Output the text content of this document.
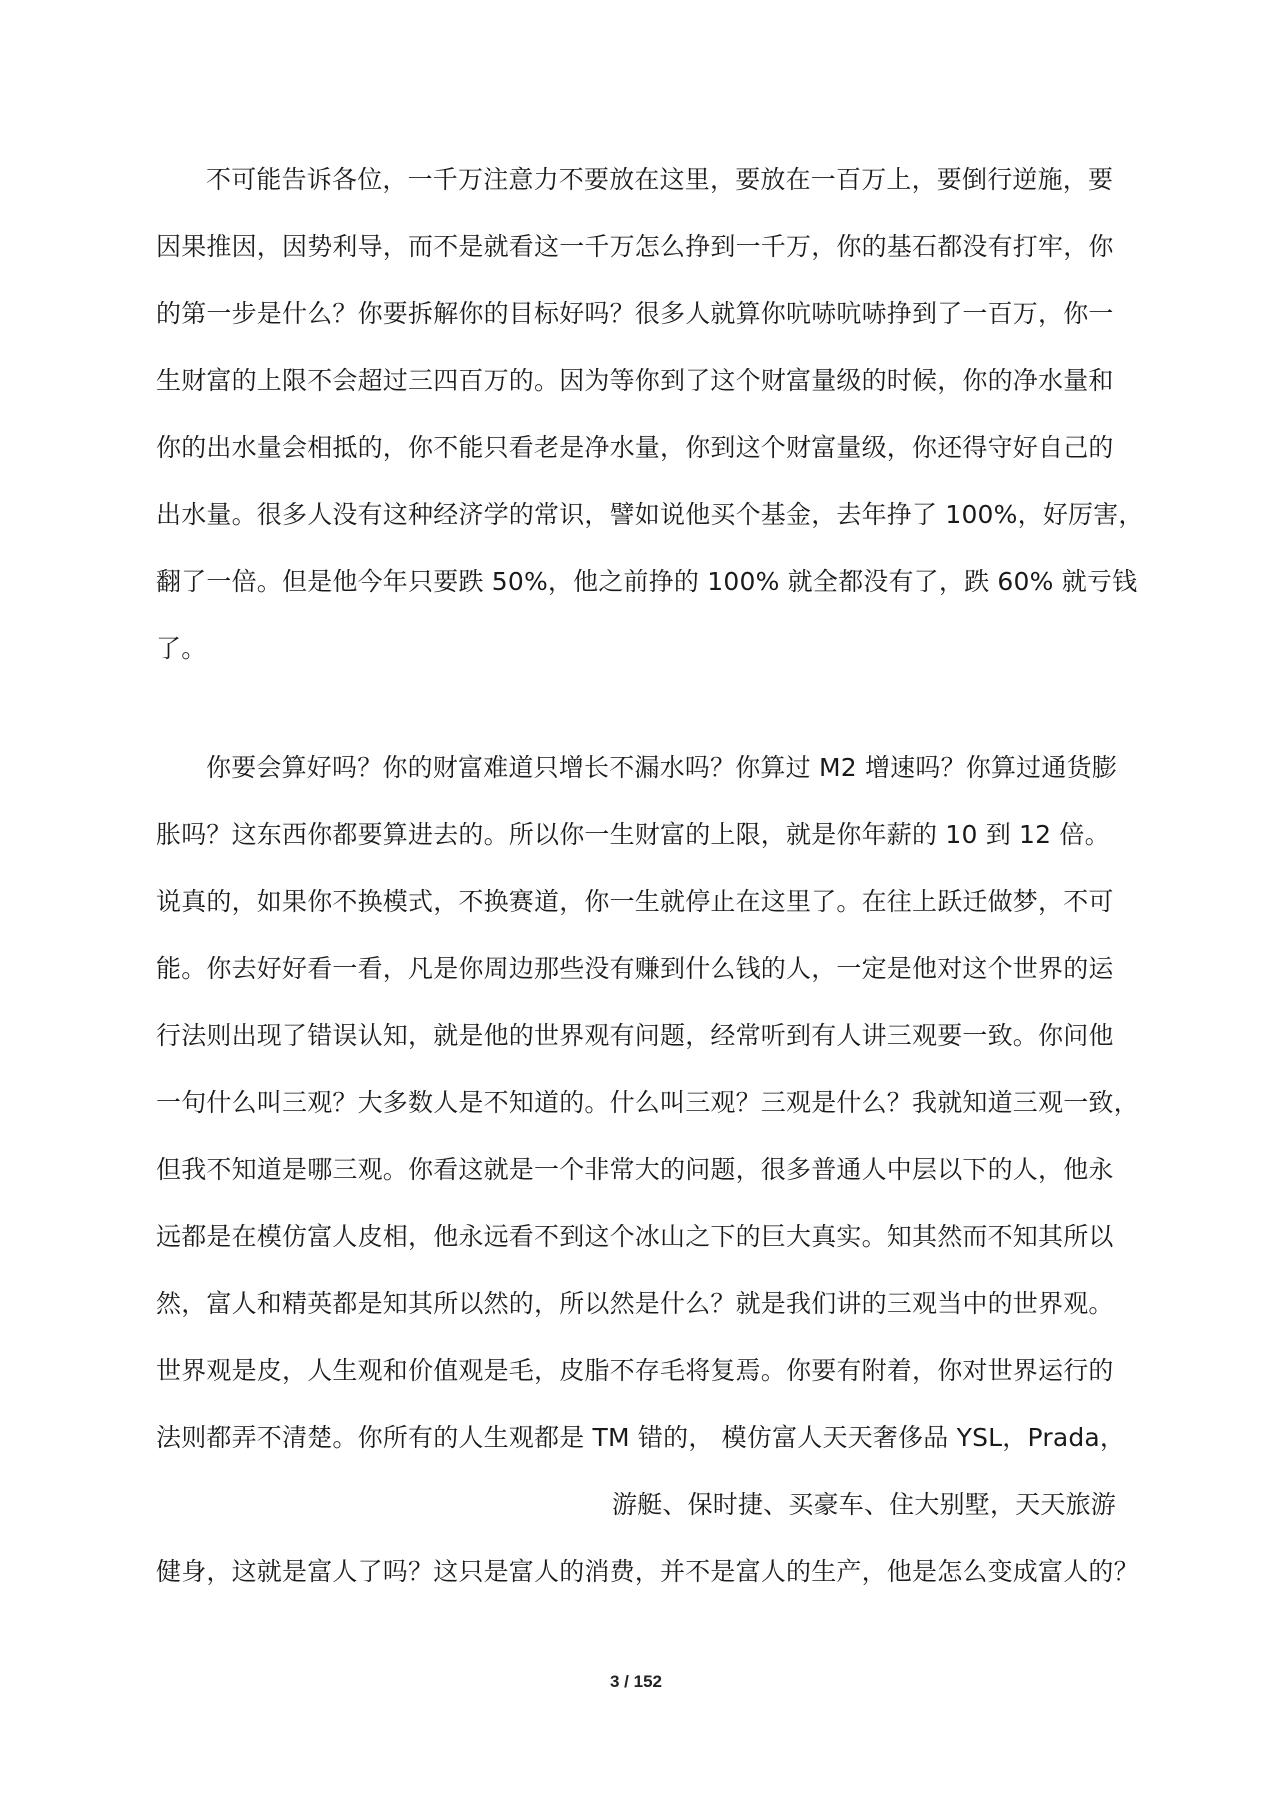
不可能告诉各位，一千万注意力不要放在这里，要放在一百万上，要倒行逆施，要
因果推因，因势利导，而不是就看这一千万怎么挣到一千万，你的基石都没有打牢，你
的第一步是什么？你要拆解你的目标好吗？很多人就算你吭哧吭哧挣到了一百万，你一
生财富的上限不会超过三四百万的。因为等你到了这个财富量级的时候，你的净水量和
你的出水量会相抵的，你不能只看老是净水量，你到这个财富量级，你还得守好自己的
出水量。很多人没有这种经济学的常识，譬如说他买个基金，去年挣了 100%，好厉害，
翻了一倍。但是他今年只要跌 50%，他之前挣的 100% 就全都没有了，跌 60% 就亏钱
了。
你要会算好吗？你的财富难道只增长不漏水吗？你算过 M2 增速吗？你算过通货膨
胀吗？这东西你都要算进去的。所以你一生财富的上限，就是你年薪的 10 到 12 倍。
说真的，如果你不换模式，不换赛道，你一生就停止在这里了。在往上跃迁做梦，不可
能。你去好好看一看，凡是你周边那些没有赚到什么钱的人，一定是他对这个世界的运
行法则出现了错误认知，就是他的世界观有问题，经常听到有人讲三观要一致。你问他
一句什么叫三观？大多数人是不知道的。什么叫三观？三观是什么？我就知道三观一致，
但我不知道是哪三观。你看这就是一个非常大的问题，很多普通人中层以下的人，他永
远都是在模仿富人皮相，他永远看不到这个冰山之下的巨大真实。知其然而不知其所以
然，富人和精英都是知其所以然的，所以然是什么？就是我们讲的三观当中的世界观。
世界观是皮，人生观和价值观是毛，皮脂不存毛将复焉。你要有附着，你对世界运行的
法则都弄不清楚。你所有的人生观都是 TM 错的， 模仿富人天天奢侈品 YSL，Prada，
游艇、保时捷、买豪车、住大别墅，天天旅游
健身，这就是富人了吗？这只是富人的消费，并不是富人的生产，他是怎么变成富人的？
3 / 152
